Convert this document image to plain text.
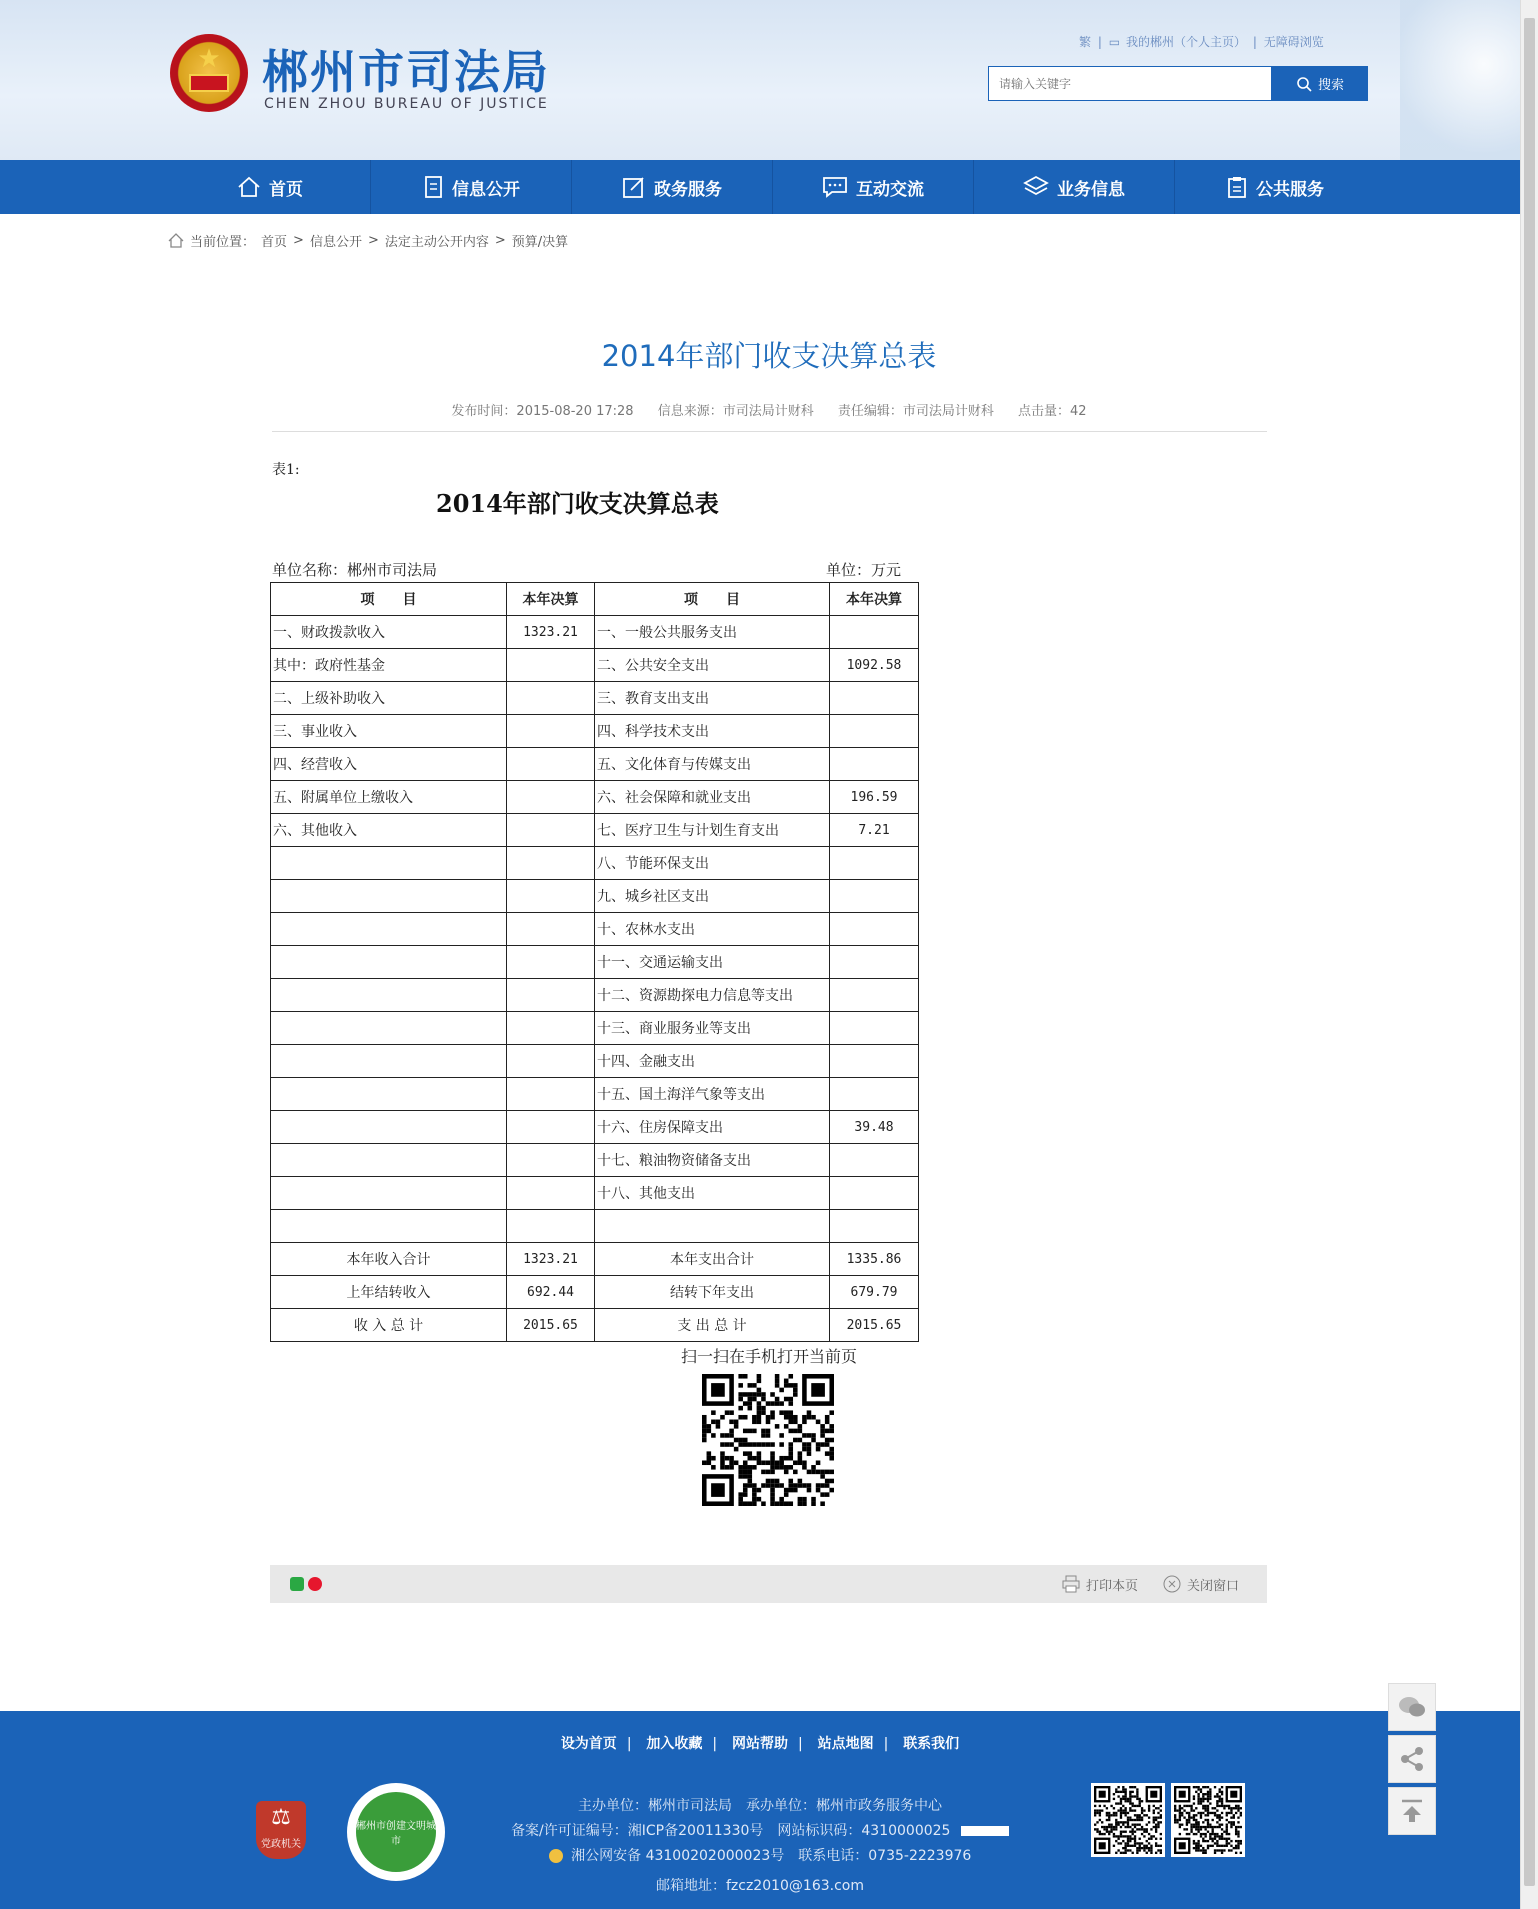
★ 郴州市司法局
CHEN ZHOU BUREAU OF JUSTICE
繁 | ▭ 我的郴州（个人主页） | 无障碍浏览
请输入关键字
搜索
首页	信息公开	政务服务	互动交流	业务信息	公共服务
当前位置： 首页 > 信息公开 > 法定主动公开内容 > 预算/决算
2014年部门收支决算总表
发布时间：2015-08-20 17:28 信息来源：市司法局计财科 责任编辑：市司法局计财科 点击量：42
表1:
2014年部门收支决算总表
单位名称：郴州市司法局	单位：万元
项　　目	本年决算	项　　目	本年决算
一、财政拨款收入	1323.21	一、一般公共服务支出	
其中：政府性基金		二、公共安全支出	1092.58
二、上级补助收入		三、教育支出支出	
三、事业收入		四、科学技术支出	
四、经营收入		五、文化体育与传媒支出	
五、附属单位上缴收入		六、社会保障和就业支出	196.59
六、其他收入		七、医疗卫生与计划生育支出	7.21
		八、节能环保支出	
		九、城乡社区支出	
		十、农林水支出	
		十一、交通运输支出	
		十二、资源勘探电力信息等支出	
		十三、商业服务业等支出	
		十四、金融支出	
		十五、国土海洋气象等支出	
		十六、住房保障支出	39.48
		十七、粮油物资储备支出	
		十八、其他支出	

本年收入合计	1323.21	本年支出合计	1335.86
上年结转收入	692.44	结转下年支出	679.79
收 入 总 计	2015.65	支 出 总 计	2015.65
扫一扫在手机打开当前页
打印本页	关闭窗口
设为首页 | 加入收藏 | 网站帮助 | 站点地图 | 联系我们
⚖
党政机关
郴州市创建文明城市
主办单位：郴州市司法局　承办单位：郴州市政务服务中心
备案/许可证编号：湘ICP备20011330号　网站标识码：4310000025
湘公网安备 43100202000023号　联系电话：0735-2223976
邮箱地址：fzcz2010@163.com
